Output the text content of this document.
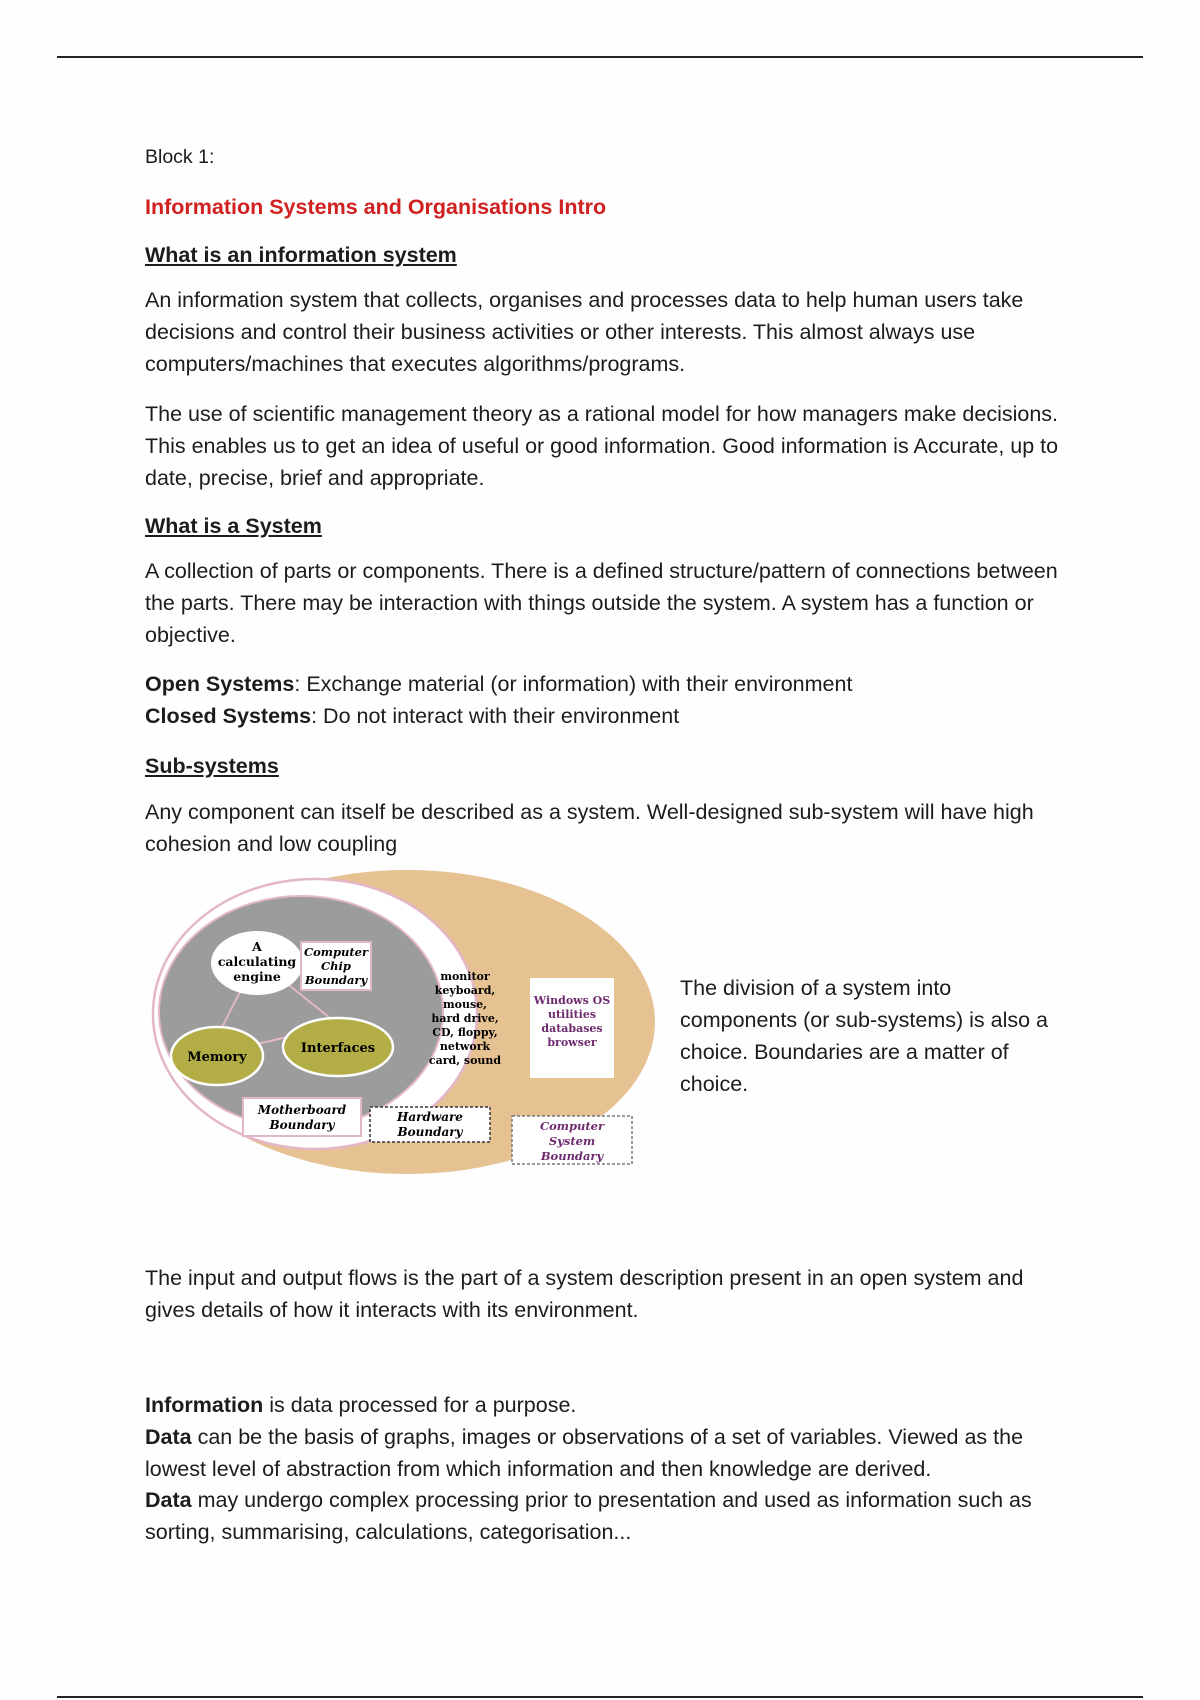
Block 1:
Information Systems and Organisations Intro
What is an information system

An information system that collects, organises and processes data to help human users take decisions and control their business activities or other interests. This almost always use computers/machines that executes algorithms/programs.

The use of scientific management theory as a rational model for how managers make decisions. This enables us to get an idea of useful or good information. Good information is Accurate, up to date, precise, brief and appropriate.

What is a System

A collection of parts or components. There is a defined structure/pattern of connections between the parts. There may be interaction with things outside the system. A system has a function or objective.

Open Systems: Exchange material (or information) with their environment

Closed Systems: Do not interact with their environment

Sub-systems

Any component can itself be described as a system. Well-designed sub-system will have high cohesion and low coupling

A
calculating
engine
Computer
Chip
Boundary
Memory
Interfaces
monitor
keyboard,
mouse,
hard drive,
CD, floppy,
network
card, sound
Windows OS
utilities
databases
browser
Motherboard
Boundary
Hardware
Boundary	Computer
System
Boundary
The division of a system into components (or sub-systems) is also a choice. Boundaries are a matter of choice.

The input and output flows is the part of a system description present in an open system and gives details of how it interacts with its environment.

Information is data processed for a purpose.

Data can be the basis of graphs, images or observations of a set of variables. Viewed as the lowest level of abstraction from which information and then knowledge are derived.

Data may undergo complex processing prior to presentation and used as information such as sorting, summarising, calculations, categorisation...
